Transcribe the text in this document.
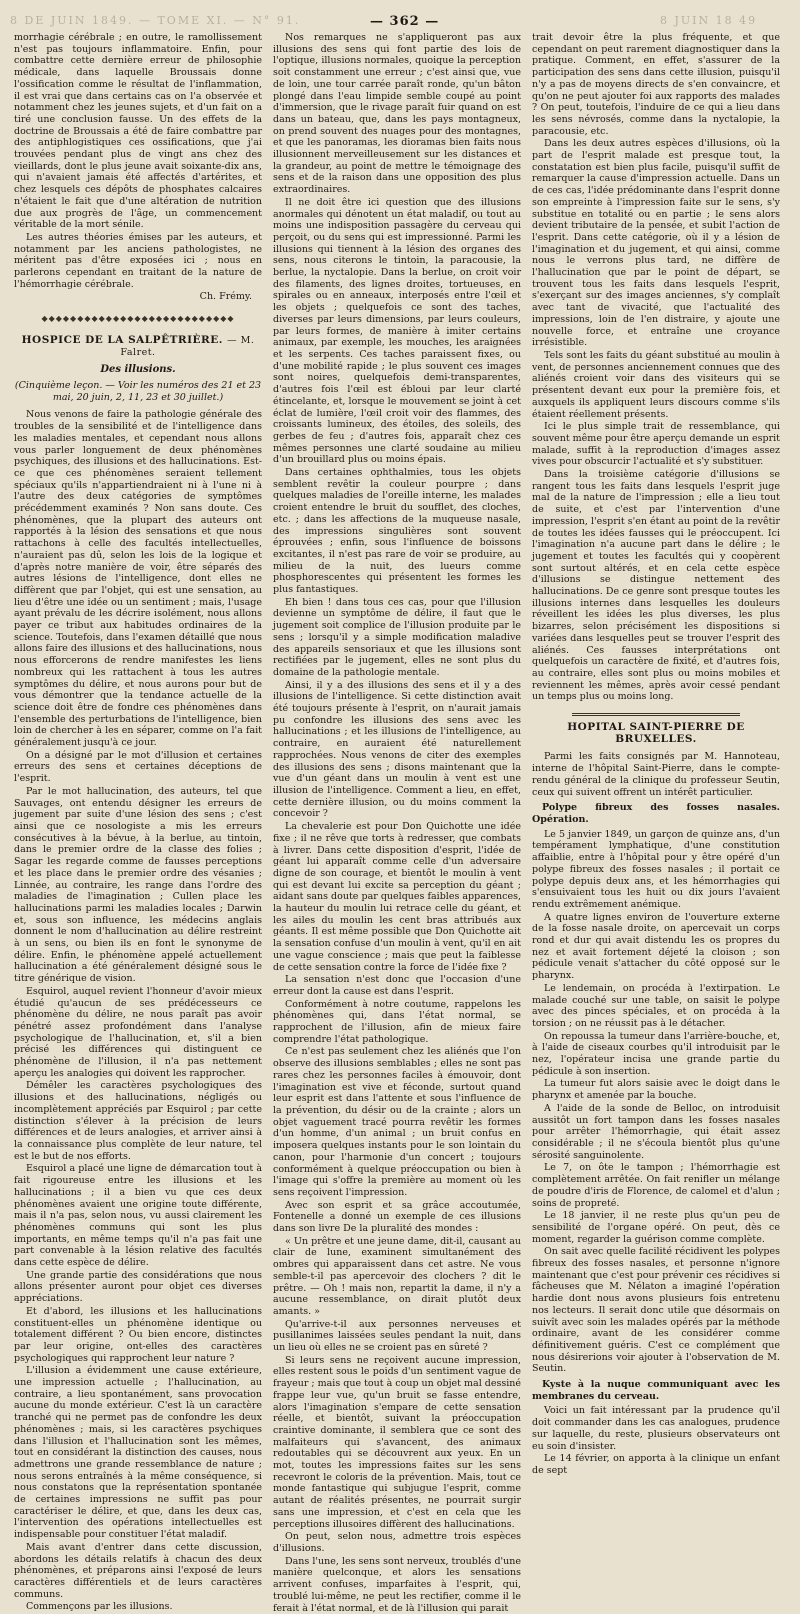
8 DE JUIN 1849. — TOME XI. — N° 91.	— 362 —	8 JUIN 18 49

morrhagie cérébrale ; en outre, le ramollissement n'est pas toujours inflammatoire. Enfin, pour combattre cette dernière erreur de philosophie médicale, dans laquelle Broussais donne l'ossification comme le résultat de l'inflammation, il est vrai que dans certains cas on l'a observée et notamment chez les jeunes sujets, et d'un fait on a tiré une conclusion fausse. Un des effets de la doctrine de Broussais a été de faire combattre par des antiphlogistiques ces ossifications, que j'ai trouvées pendant plus de vingt ans chez des vieillards, dont le plus jeune avait soixante-dix ans, qui n'avaient jamais été affectés d'artérites, et chez lesquels ces dépôts de phosphates calcaires n'étaient le fait que d'une altération de nutrition due aux progrès de l'âge, un commencement véritable de la mort sénile.

Les autres théories émises par les auteurs, et notamment par les anciens pathologistes, ne méritent pas d'être exposées ici ; nous en parlerons cependant en traitant de la nature de l'hémorrhagie cérébrale.

Ch. Frémy.
◆◆◆◆◆◆◆◆◆◆◆◆◆◆◆◆◆◆◆◆◆◆◆◆◆◆◆
HOSPICE DE LA SALPÊTRIÈRE. — M. Falret.
Des illusions.
(Cinquième leçon. — Voir les numéros des 21 et 23 mai, 20 juin, 2, 11, 23 et 30 juillet.)

Nous venons de faire la pathologie générale des troubles de la sensibilité et de l'intelligence dans les maladies mentales, et cependant nous allons vous parler longuement de deux phénomènes psychiques, des illusions et des hallucinations. Est-ce que ces phénomènes seraient tellement spéciaux qu'ils n'appartiendraient ni à l'une ni à l'autre des deux catégories de symptômes précédemment examinés ? Non sans doute. Ces phénomènes, que la plupart des auteurs ont rapportés à la lésion des sensations et que nous rattachons à celle des facultés intellectuelles, n'auraient pas dû, selon les lois de la logique et d'après notre manière de voir, être séparés des autres lésions de l'intelligence, dont elles ne diffèrent que par l'objet, qui est une sensation, au lieu d'être une idée ou un sentiment ; mais, l'usage ayant prévalu de les décrire isolément, nous allons payer ce tribut aux habitudes ordinaires de la science. Toutefois, dans l'examen détaillé que nous allons faire des illusions et des hallucinations, nous nous efforcerons de rendre manifestes les liens nombreux qui les rattachent à tous les autres symptômes du délire, et nous aurons pour but de vous démontrer que la tendance actuelle de la science doit être de fondre ces phénomènes dans l'ensemble des perturbations de l'intelligence, bien loin de chercher à les en séparer, comme on l'a fait généralement jusqu'à ce jour.

On a désigné par le mot d'illusion et certaines erreurs des sens et certaines déceptions de l'esprit.

Par le mot hallucination, des auteurs, tel que Sauvages, ont entendu désigner les erreurs de jugement par suite d'une lésion des sens ; c'est ainsi que ce nosologiste a mis les erreurs consécutives à la bévue, à la berlue, au tintoin, dans le premier ordre de la classe des folies ; Sagar les regarde comme de fausses perceptions et les place dans le premier ordre des vésanies ; Linnée, au contraire, les range dans l'ordre des maladies de l'imagination ; Cullen place les hallucinations parmi les maladies locales ; Darwin et, sous son influence, les médecins anglais donnent le nom d'hallucination au délire restreint à un sens, ou bien ils en font le synonyme de délire. Enfin, le phénomène appelé actuellement hallucination a été généralement désigné sous le titre générique de vision.

Esquirol, auquel revient l'honneur d'avoir mieux étudié qu'aucun de ses prédécesseurs ce phénomène du délire, ne nous paraît pas avoir pénétré assez profondément dans l'analyse psychologique de l'hallucination, et, s'il a bien précisé les différences qui distinguent ce phénomène de l'illusion, il n'a pas nettement aperçu les analogies qui doivent les rapprocher.

Démêler les caractères psychologiques des illusions et des hallucinations, négligés ou incomplètement appréciés par Esquirol ; par cette distinction s'élever à la précision de leurs différences et de leurs analogies, et arriver ainsi à la connaissance plus complète de leur nature, tel est le but de nos efforts.

Esquirol a placé une ligne de démarcation tout à fait rigoureuse entre les illusions et les hallucinations ; il a bien vu que ces deux phénomènes avaient une origine toute différente, mais il n'a pas, selon nous, vu aussi clairement les phénomènes communs qui sont les plus importants, en même temps qu'il n'a pas fait une part convenable à la lésion relative des facultés dans cette espèce de délire.

Une grande partie des considérations que nous allons présenter auront pour objet ces diverses appréciations.

Et d'abord, les illusions et les hallucinations constituent-elles un phénomène identique ou totalement différent ? Ou bien encore, distinctes par leur origine, ont-elles des caractères psychologiques qui rapprochent leur nature ?

L'illusion a évidemment une cause extérieure, une impression actuelle ; l'hallucination, au contraire, a lieu spontanément, sans provocation aucune du monde extérieur. C'est là un caractère tranché qui ne permet pas de confondre les deux phénomènes ; mais, si les caractères psychiques dans l'illusion et l'hallucination sont les mêmes, tout en considérant la distinction des causes, nous admettrons une grande ressemblance de nature ; nous serons entraînés à la même conséquence, si nous constatons que la représentation spontanée de certaines impressions ne suffit pas pour caractériser le délire, et que, dans les deux cas, l'intervention des opérations intellectuelles est indispensable pour constituer l'état maladif.

Mais avant d'entrer dans cette discussion, abordons les détails relatifs à chacun des deux phénomènes, et préparons ainsi l'exposé de leurs caractères différentiels et de leurs caractères communs.

Commençons par les illusions.

Nos remarques ne s'appliqueront pas aux illusions des sens qui font partie des lois de l'optique, illusions normales, quoique la perception soit constamment une erreur ; c'est ainsi que, vue de loin, une tour carrée paraît ronde, qu'un bâton plongé dans l'eau limpide semble coupé au point d'immersion, que le rivage paraît fuir quand on est dans un bateau, que, dans les pays montagneux, on prend souvent des nuages pour des montagnes, et que les panoramas, les dioramas bien faits nous illusionnent merveilleusement sur les distances et la grandeur, au point de mettre le témoignage des sens et de la raison dans une opposition des plus extraordinaires.

Il ne doit être ici question que des illusions anormales qui dénotent un état maladif, ou tout au moins une indisposition passagère du cerveau qui perçoit, ou du sens qui est impressionné. Parmi les illusions qui tiennent à la lésion des organes des sens, nous citerons le tintoin, la paracousie, la berlue, la nyctalopie. Dans la berlue, on croit voir des filaments, des lignes droites, tortueuses, en spirales ou en anneaux, interposés entre l'œil et les objets ; quelquefois ce sont des taches, diverses par leurs dimensions, par leurs couleurs, par leurs formes, de manière à imiter certains animaux, par exemple, les mouches, les araignées et les serpents. Ces taches paraissent fixes, ou d'une mobilité rapide ; le plus souvent ces images sont noires, quelquefois demi-transparentes, d'autres fois l'œil est ébloui par leur clarté étincelante, et, lorsque le mouvement se joint à cet éclat de lumière, l'œil croit voir des flammes, des croissants lumineux, des étoiles, des soleils, des gerbes de feu ; d'autres fois, apparaît chez ces mêmes personnes une clarté soudaine au milieu d'un brouillard plus ou moins épais.

Dans certaines ophthalmies, tous les objets semblent revêtir la couleur pourpre ; dans quelques maladies de l'oreille interne, les malades croient entendre le bruit du soufflet, des cloches, etc. ; dans les affections de la muqueuse nasale, des impressions singulières sont souvent éprouvées ; enfin, sous l'influence de boissons excitantes, il n'est pas rare de voir se produire, au milieu de la nuit, des lueurs comme phosphorescentes qui présentent les formes les plus fantastiques.

Eh bien ! dans tous ces cas, pour que l'illusion devienne un symptôme de délire, il faut que le jugement soit complice de l'illusion produite par le sens ; lorsqu'il y a simple modification maladive des appareils sensoriaux et que les illusions sont rectifiées par le jugement, elles ne sont plus du domaine de la pathologie mentale.

Ainsi, il y a des illusions des sens et il y a des illusions de l'intelligence. Si cette distinction avait été toujours présente à l'esprit, on n'aurait jamais pu confondre les illusions des sens avec les hallucinations ; et les illusions de l'intelligence, au contraire, en auraient été naturellement rapprochées. Nous venons de citer des exemples des illusions des sens ; disons maintenant que la vue d'un géant dans un moulin à vent est une illusion de l'intelligence. Comment a lieu, en effet, cette dernière illusion, ou du moins comment la concevoir ?

La chevalerie est pour Don Quichotte une idée fixe ; il ne rêve que torts à redresser, que combats à livrer. Dans cette disposition d'esprit, l'idée de géant lui apparaît comme celle d'un adversaire digne de son courage, et bientôt le moulin à vent qui est devant lui excite sa perception du géant ; aidant sans doute par quelques faibles apparences, la hauteur du moulin lui retrace celle du géant, et les ailes du moulin les cent bras attribués aux géants. Il est même possible que Don Quichotte ait la sensation confuse d'un moulin à vent, qu'il en ait une vague conscience ; mais que peut la faiblesse de cette sensation contre la force de l'idée fixe ?

La sensation n'est donc que l'occasion d'une erreur dont la cause est dans l'esprit.

Conformément à notre coutume, rappelons les phénomènes qui, dans l'état normal, se rapprochent de l'illusion, afin de mieux faire comprendre l'état pathologique.

Ce n'est pas seulement chez les aliénés que l'on observe des illusions semblables ; elles ne sont pas rares chez les personnes faciles à émouvoir, dont l'imagination est vive et féconde, surtout quand leur esprit est dans l'attente et sous l'influence de la prévention, du désir ou de la crainte ; alors un objet vaguement tracé pourra revêtir les formes d'un homme, d'un animal ; un bruit confus en imposera quelques instants pour le son lointain du canon, pour l'harmonie d'un concert ; toujours conformément à quelque préoccupation ou bien à l'image qui s'offre la première au moment où les sens reçoivent l'impression.

Avec son esprit et sa grâce accoutumée, Fontenelle a donné un exemple de ces illusions dans son livre De la pluralité des mondes :

« Un prêtre et une jeune dame, dit-il, causant au clair de lune, examinent simultanément des ombres qui apparaissent dans cet astre. Ne vous semble-t-il pas apercevoir des clochers ? dit le prêtre. — Oh ! mais non, repartit la dame, il n'y a aucune ressemblance, on dirait plutôt deux amants. »

Qu'arrive-t-il aux personnes nerveuses et pusillanimes laissées seules pendant la nuit, dans un lieu où elles ne se croient pas en sûreté ?

Si leurs sens ne reçoivent aucune impression, elles restent sous le poids d'un sentiment vague de frayeur ; mais que tout à coup un objet mal dessiné frappe leur vue, qu'un bruit se fasse entendre, alors l'imagination s'empare de cette sensation réelle, et bientôt, suivant la préoccupation craintive dominante, il semblera que ce sont des malfaiteurs qui s'avancent, des animaux redoutables qui se découvrent aux yeux. En un mot, toutes les impressions faites sur les sens recevront le coloris de la prévention. Mais, tout ce monde fantastique qui subjugue l'esprit, comme autant de réalités présentes, ne pourrait surgir sans une impression, et c'est en cela que les perceptions illusoires diffèrent des hallucinations.

On peut, selon nous, admettre trois espèces d'illusions.

Dans l'une, les sens sont nerveux, troublés d'une manière quelconque, et alors les sensations arrivent confuses, imparfaites à l'esprit, qui, troublé lui-même, ne peut les rectifier, comme il le ferait à l'état normal, et de là l'illusion qui parait

trait devoir être la plus fréquente, et que cependant on peut rarement diagnostiquer dans la pratique. Comment, en effet, s'assurer de la participation des sens dans cette illusion, puisqu'il n'y a pas de moyens directs de s'en convaincre, et qu'on ne peut ajouter foi aux rapports des malades ? On peut, toutefois, l'induire de ce qui a lieu dans les sens névrosés, comme dans la nyctalopie, la paracousie, etc.

Dans les deux autres espèces d'illusions, où la part de l'esprit malade est presque tout, la constatation est bien plus facile, puisqu'il suffit de remarquer la cause d'impression actuelle. Dans un de ces cas, l'idée prédominante dans l'esprit donne son empreinte à l'impression faite sur le sens, s'y substitue en totalité ou en partie ; le sens alors devient tributaire de la pensée, et subit l'action de l'esprit. Dans cette catégorie, où il y a lésion de l'imagination et du jugement, et qui ainsi, comme nous le verrons plus tard, ne diffère de l'hallucination que par le point de départ, se trouvent tous les faits dans lesquels l'esprit, s'exerçant sur des images anciennes, s'y complaît avec tant de vivacité, que l'actualité des impressions, loin de l'en distraire, y ajoute une nouvelle force, et entraîne une croyance irrésistible.

Tels sont les faits du géant substitué au moulin à vent, de personnes anciennement connues que des aliénés croient voir dans des visiteurs qui se présentent devant eux pour la première fois, et auxquels ils appliquent leurs discours comme s'ils étaient réellement présents.

Ici le plus simple trait de ressemblance, qui souvent même pour être aperçu demande un esprit malade, suffit à la reproduction d'images assez vives pour obscurcir l'actualité et s'y substituer.

Dans la troisième catégorie d'illusions se rangent tous les faits dans lesquels l'esprit juge mal de la nature de l'impression ; elle a lieu tout de suite, et c'est par l'intervention d'une impression, l'esprit s'en étant au point de la revêtir de toutes les idées fausses qui le préoccupent. Ici l'imagination n'a aucune part dans le délire ; le jugement et toutes les facultés qui y coopèrent sont surtout altérés, et en cela cette espèce d'illusions se distingue nettement des hallucinations. De ce genre sont presque toutes les illusions internes dans lesquelles les douleurs réveillent les idées les plus diverses, les plus bizarres, selon précisément les dispositions si variées dans lesquelles peut se trouver l'esprit des aliénés. Ces fausses interprétations ont quelquefois un caractère de fixité, et d'autres fois, au contraire, elles sont plus ou moins mobiles et reviennent les mêmes, après avoir cessé pendant un temps plus ou moins long.

HOPITAL SAINT-PIERRE DE BRUXELLES.

Parmi les faits consignés par M. Hannoteau, interne de l'hôpital Saint-Pierre, dans le compte-rendu général de la clinique du professeur Seutin, ceux qui suivent offrent un intérêt particulier.

Polype fibreux des fosses nasales. Opération.

Le 5 janvier 1849, un garçon de quinze ans, d'un tempérament lymphatique, d'une constitution affaiblie, entre à l'hôpital pour y être opéré d'un polype fibreux des fosses nasales ; il portait ce polype depuis deux ans, et les hémorrhagies qui s'ensuivaient tous les huit ou dix jours l'avaient rendu extrêmement anémique.

A quatre lignes environ de l'ouverture externe de la fosse nasale droite, on apercevait un corps rond et dur qui avait distendu les os propres du nez et avait fortement déjeté la cloison ; son pédicule venait s'attacher du côté opposé sur le pharynx.

Le lendemain, on procéda à l'extirpation. Le malade couché sur une table, on saisit le polype avec des pinces spéciales, et on procéda à la torsion ; on ne réussit pas à le détacher.

On repoussa la tumeur dans l'arrière-bouche, et, à l'aide de ciseaux courbes qu'il introduisit par le nez, l'opérateur incisa une grande partie du pédicule à son insertion.

La tumeur fut alors saisie avec le doigt dans le pharynx et amenée par la bouche.

A l'aide de la sonde de Belloc, on introduisit aussitôt un fort tampon dans les fosses nasales pour arrêter l'hémorrhagie, qui était assez considérable ; il ne s'écoula bientôt plus qu'une sérosité sanguinolente.

Le 7, on ôte le tampon ; l'hémorrhagie est complètement arrêtée. On fait renifler un mélange de poudre d'iris de Florence, de calomel et d'alun ; soins de propreté.

Le 18 janvier, il ne reste plus qu'un peu de sensibilité de l'organe opéré. On peut, dès ce moment, regarder la guérison comme complète.

On sait avec quelle facilité récidivent les polypes fibreux des fosses nasales, et personne n'ignore maintenant que c'est pour prévenir ces récidives si fâcheuses que M. Nélaton a imaginé l'opération hardie dont nous avons plusieurs fois entretenu nos lecteurs. Il serait donc utile que désormais on suivît avec soin les malades opérés par la méthode ordinaire, avant de les considérer comme définitivement guéris. C'est ce complément que nous désirerions voir ajouter à l'observation de M. Seutin.

Kyste à la nuque communiquant avec les membranes du cerveau.

Voici un fait intéressant par la prudence qu'il doit commander dans les cas analogues, prudence sur laquelle, du reste, plusieurs observateurs ont eu soin d'insister.

Le 14 février, on apporta à la clinique un enfant de sept
